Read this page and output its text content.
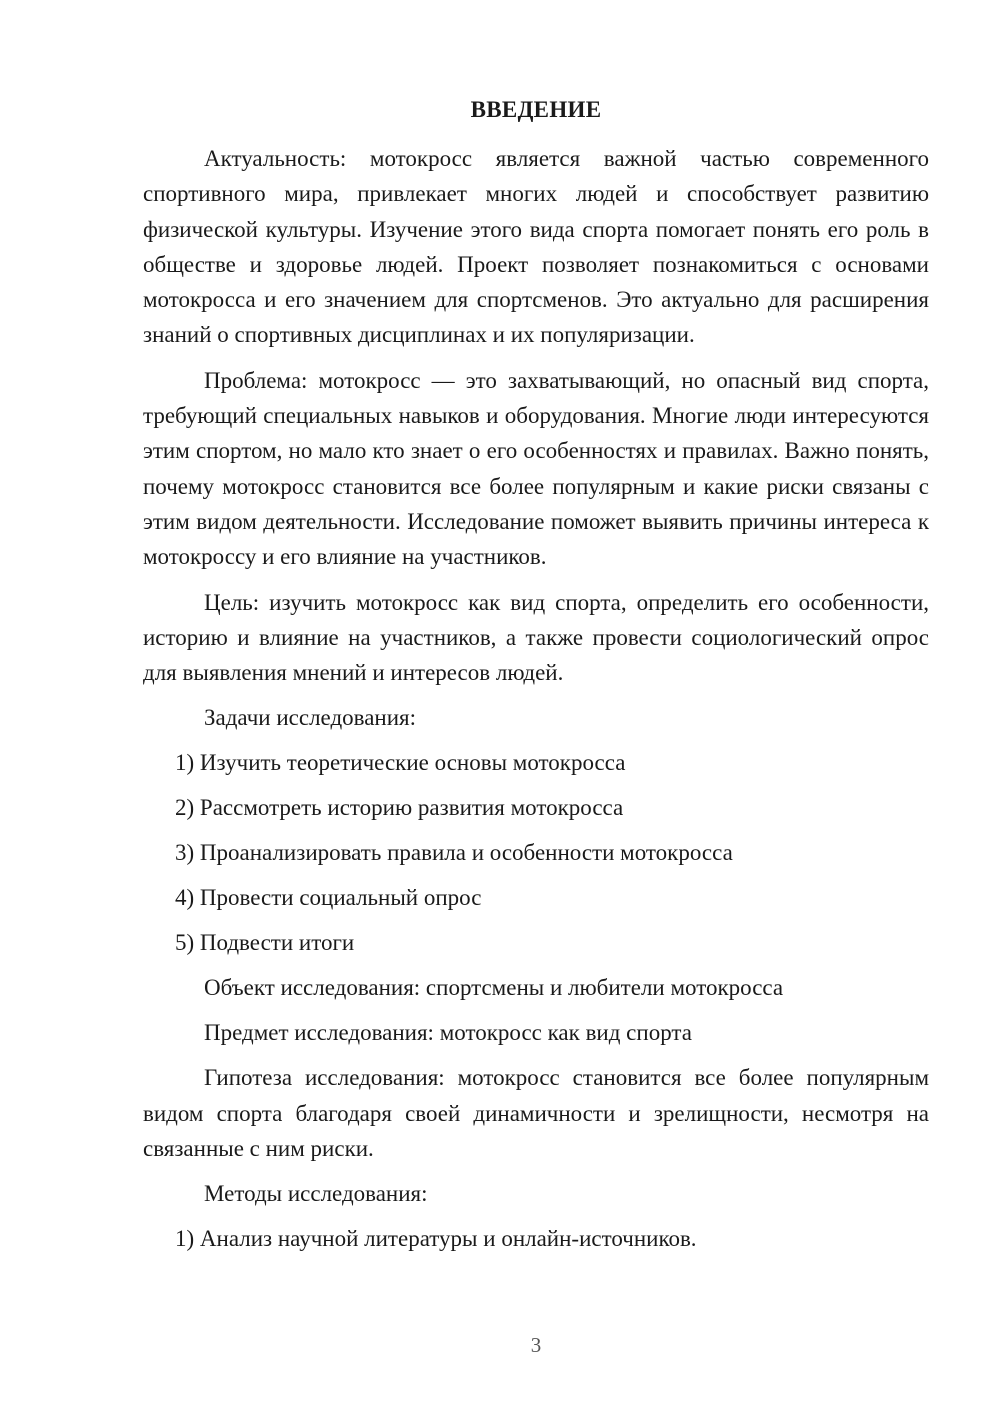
ВВЕДЕНИЕ

Актуальность: мотокросс является важной частью современного спортивного мира, привлекает многих людей и способствует развитию физической культуры. Изучение этого вида спорта помогает понять его роль в обществе и здоровье людей. Проект позволяет познакомиться с основами мотокросса и его значением для спортсменов. Это актуально для расширения знаний о спортивных дисциплинах и их популяризации.

Проблема: мотокросс — это захватывающий, но опасный вид спорта, требующий специальных навыков и оборудования. Многие люди интересуются этим спортом, но мало кто знает о его особенностях и правилах. Важно понять, почему мотокросс становится все более популярным и какие риски связаны с этим видом деятельности. Исследование поможет выявить причины интереса к мотокроссу и его влияние на участников.

Цель: изучить мотокросс как вид спорта, определить его особенности, историю и влияние на участников, а также провести социологический опрос для выявления мнений и интересов людей.

Задачи исследования:
1) Изучить теоретические основы мотокросса
2) Рассмотреть историю развития мотокросса
3) Проанализировать правила и особенности мотокросса
4) Провести социальный опрос
5) Подвести итоги
Объект исследования: спортсмены и любители мотокросса
Предмет исследования: мотокросс как вид спорта

Гипотеза исследования: мотокросс становится все более популярным видом спорта благодаря своей динамичности и зрелищности, несмотря на связанные с ним риски.

Методы исследования:
1) Анализ научной литературы и онлайн-источников.
3
